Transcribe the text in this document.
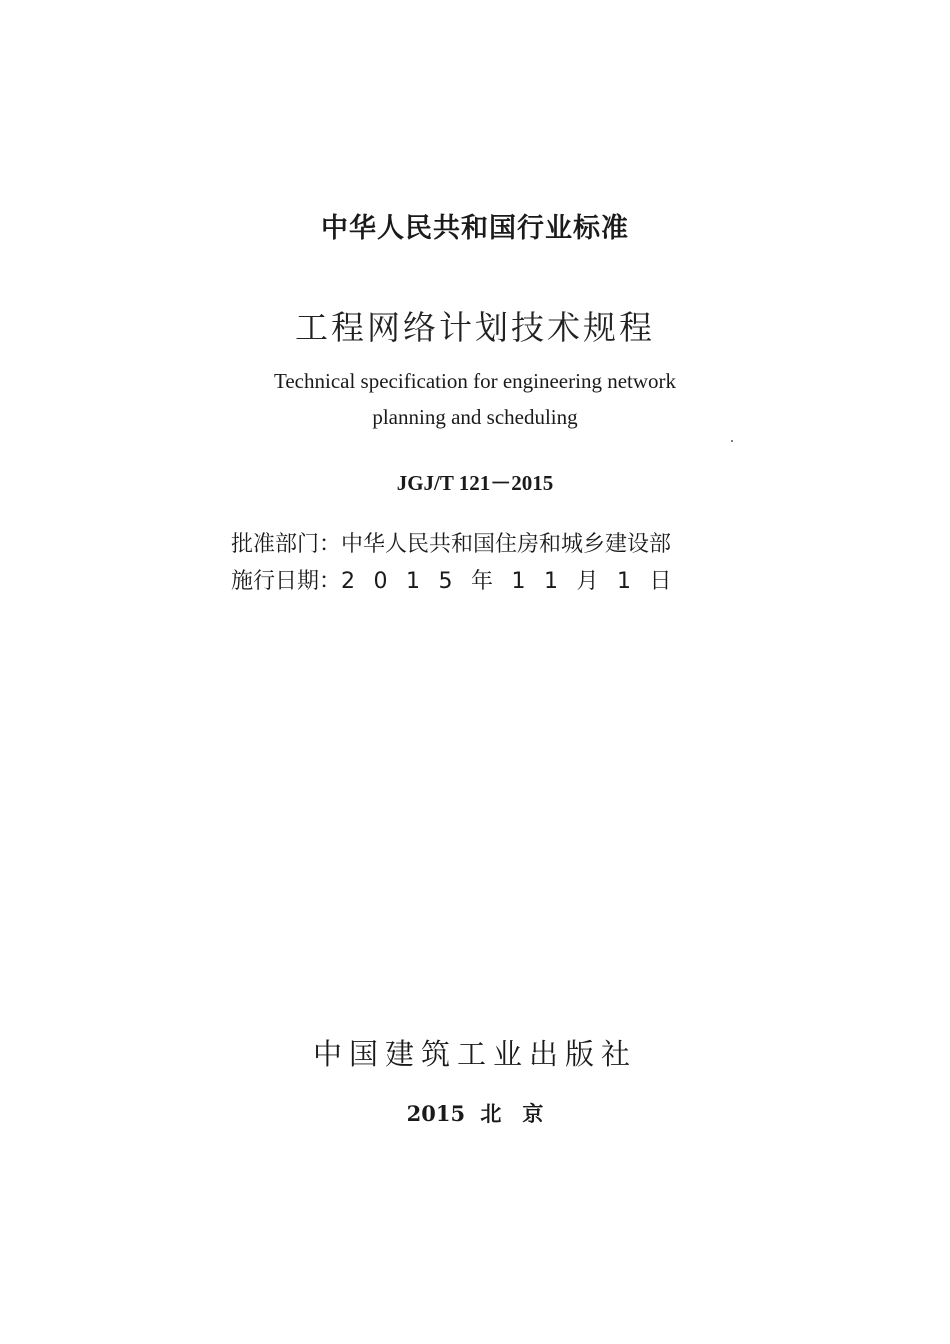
中华人民共和国行业标准
工程网络计划技术规程
Technical specification for engineering network
planning and scheduling
JGJ/T 121－2015
批准部门：中华人民共和国住房和城乡建设部
施行日期：2015年11月1日
中国建筑工业出版社
2015 北　京
